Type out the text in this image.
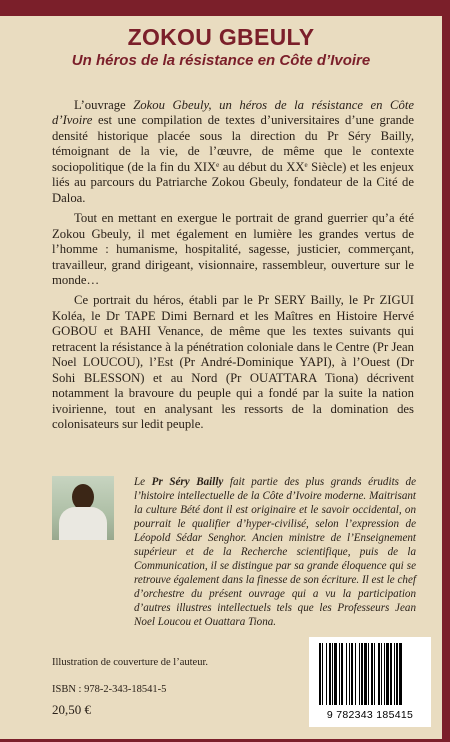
ZOKOU GBEULY
Un héros de la résistance en Côte d’Ivoire

L’ouvrage Zokou Gbeuly, un héros de la résistance en Côte d’Ivoire est une compilation de textes d’universitaires d’une grande densité historique placée sous la direction du Pr Séry Bailly, témoignant de la vie, de l’œuvre, de même que le contexte sociopolitique (de la fin du XIXe au début du XXe Siècle) et les enjeux liés au parcours du Patriarche Zokou Gbeuly, fondateur de la Cité de Daloa.

Tout en mettant en exergue le portrait de grand guerrier qu’a été Zokou Gbeuly, il met également en lumière les grandes vertus de l’homme : humanisme, hospitalité, sagesse, justicier, commerçant, travailleur, grand dirigeant, visionnaire, rassembleur, ouverture sur le monde…

Ce portrait du héros, établi par le Pr SERY Bailly, le Pr ZIGUI Koléa, le Dr TAPE Dimi Bernard et les Maîtres en Histoire Hervé GOBOU et BAHI Venance, de même que les textes suivants qui retracent la résistance à la pénétration coloniale dans le Centre (Pr Jean Noel LOUCOU), l’Est (Pr André-Dominique YAPI), à l’Ouest (Dr Sohi BLESSON) et au Nord (Pr OUATTARA Tiona) décrivent notamment la bravoure du peuple qui a fondé par la suite la nation ivoirienne, tout en analysant les ressorts de la domination des colonisateurs sur ledit peuple.

Le Pr Séry Bailly fait partie des plus grands érudits de l’histoire intellectuelle de la Côte d’Ivoire moderne. Maitrisant la culture Bété dont il est originaire et le savoir occidental, on pourrait le qualifier d’hyper-civilisé, selon l’expression de Léopold Sédar Senghor. Ancien ministre de l’Enseignement supérieur et de la Recherche scientifique, puis de la Communication, il se distingue par sa grande éloquence qui se retrouve également dans la finesse de son écriture. Il est le chef d’orchestre du présent ouvrage qui a vu la participation d’autres illustres intellectuels tels que les Professeurs Jean Noel Loucou et Ouattara Tiona.
Illustration de couverture de l’auteur.
ISBN : 978-2-343-18541-5
20,50 €	9 782343 185415
